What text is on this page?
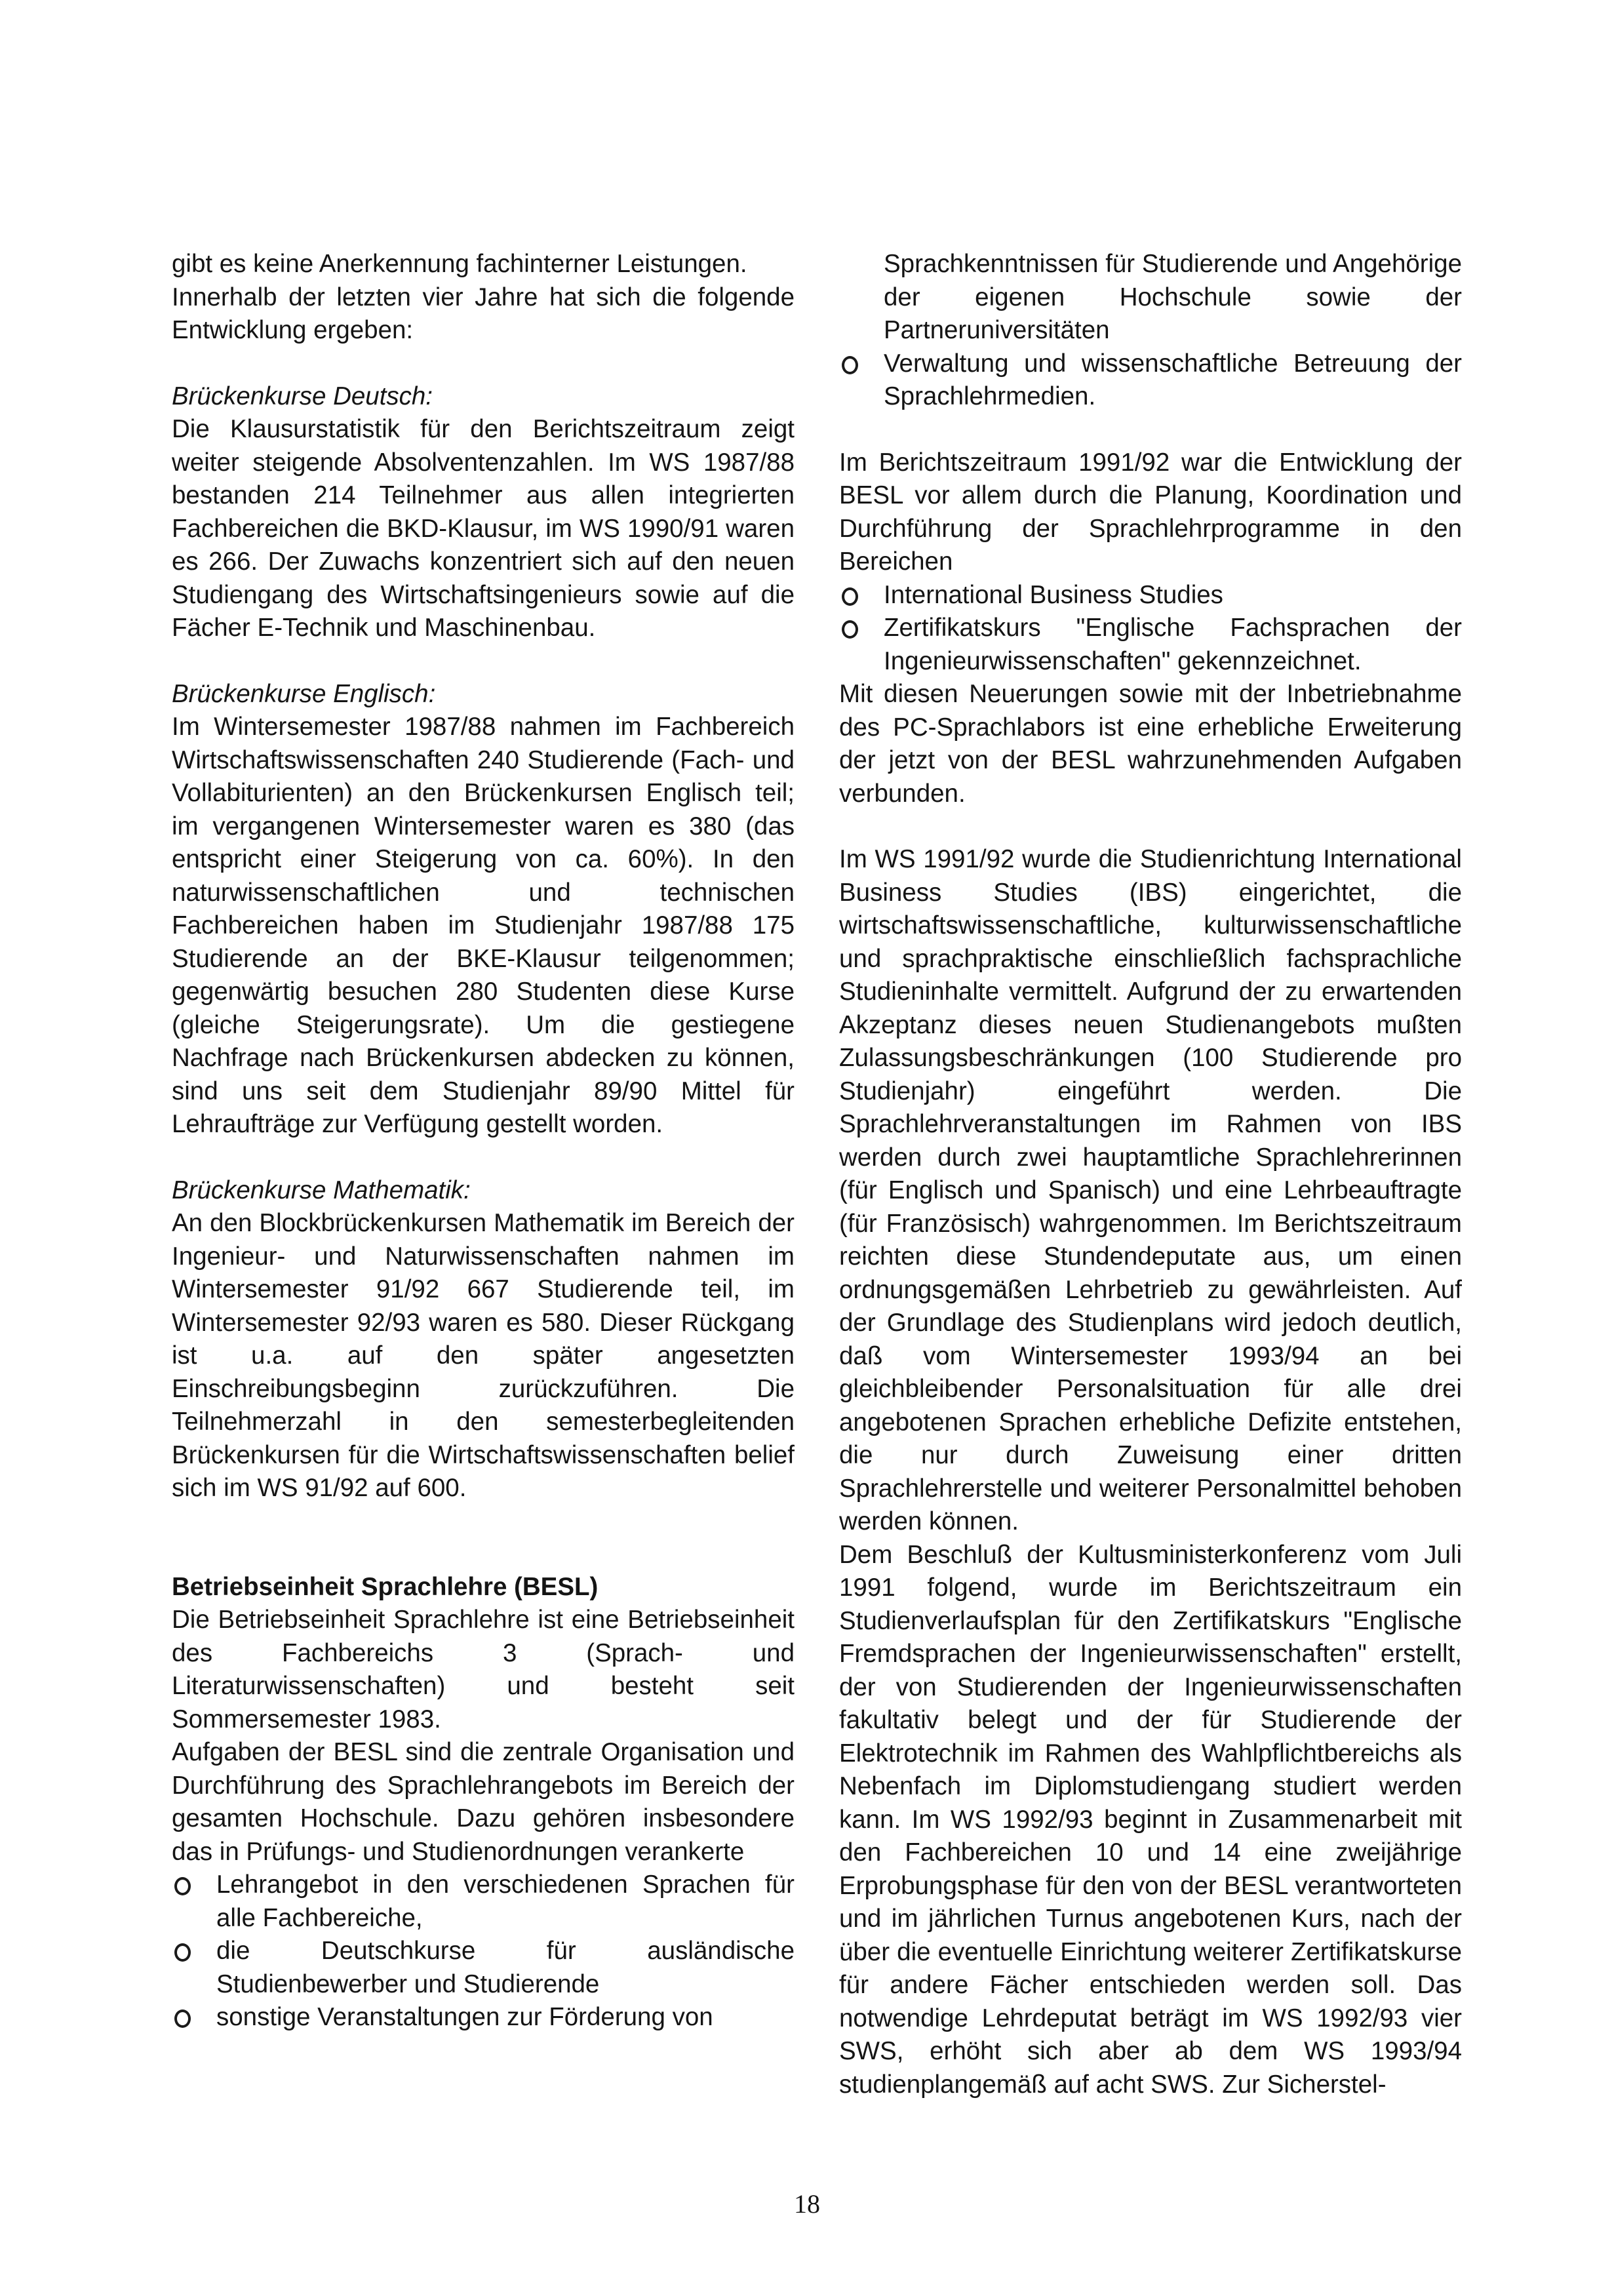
gibt es keine Anerkennung fachinterner Leistungen.

Innerhalb der letzten vier Jahre hat sich die folgende Entwicklung ergeben:

Brückenkurse Deutsch:

Die Klausurstatistik für den Berichtszeitraum zeigt weiter steigende Absolventenzahlen. Im WS 1987/88 bestanden 214 Teilnehmer aus allen integrierten Fachbereichen die BKD-Klausur, im WS 1990/91 waren es 266. Der Zuwachs konzentriert sich auf den neuen Studiengang des Wirtschaftsingenieurs sowie auf die Fächer E-Technik und Maschinenbau.

Brückenkurse Englisch:

Im Wintersemester 1987/88 nahmen im Fachbereich Wirtschaftswissenschaften 240 Studierende (Fach- und Vollabiturienten) an den Brückenkursen Englisch teil; im vergangenen Wintersemester waren es 380 (das entspricht einer Steigerung von ca. 60%). In den naturwissenschaftlichen und technischen Fachbereichen haben im Studienjahr 1987/88 175 Studierende an der BKE-Klausur teilgenommen; gegenwärtig besuchen 280 Studenten diese Kurse (gleiche Steigerungsrate). Um die gestiegene Nachfrage nach Brückenkursen abdecken zu können, sind uns seit dem Studienjahr 89/90 Mittel für Lehraufträge zur Verfügung gestellt worden.

Brückenkurse Mathematik:

An den Blockbrückenkursen Mathematik im Bereich der Ingenieur- und Naturwissenschaften nahmen im Wintersemester 91/92 667 Studierende teil, im Wintersemester 92/93 waren es 580. Dieser Rückgang ist u.a. auf den später angesetzten Einschreibungsbeginn zurückzuführen. Die Teilnehmerzahl in den semesterbegleitenden Brückenkursen für die Wirtschaftswissenschaften belief sich im WS 91/92 auf 600.

Betriebseinheit Sprachlehre (BESL)

Die Betriebseinheit Sprachlehre ist eine Betriebseinheit des Fachbereichs 3 (Sprach- und Literaturwissenschaften) und besteht seit Sommersemester 1983.

Aufgaben der BESL sind die zentrale Organisation und Durchführung des Sprachlehrangebots im Bereich der gesamten Hochschule. Dazu gehören insbesondere das in Prüfungs- und Studienordnungen verankerte

Lehrangebot in den verschiedenen Sprachen für alle Fachbereiche,
die Deutschkurse für ausländische Studienbewerber und Studierende
sonstige Veranstaltungen zur Förderung von

Sprachkenntnissen für Studierende und Angehörige der eigenen Hochschule sowie der Partneruniversitäten

Verwaltung und wissenschaftliche Betreuung der Sprachlehrmedien.

Im Berichtszeitraum 1991/92 war die Entwicklung der BESL vor allem durch die Planung, Koordination und Durchführung der Sprachlehrprogramme in den Bereichen

International Business Studies
Zertifikatskurs "Englische Fachsprachen der Ingenieurwissenschaften" gekennzeichnet.

Mit diesen Neuerungen sowie mit der Inbetriebnahme des PC-Sprachlabors ist eine erhebliche Erweiterung der jetzt von der BESL wahrzunehmenden Aufgaben verbunden.

Im WS 1991/92 wurde die Studienrichtung International Business Studies (IBS) eingerichtet, die wirtschaftswissenschaftliche, kulturwissenschaftliche und sprachpraktische einschließlich fachsprachliche Studieninhalte vermittelt. Aufgrund der zu erwartenden Akzeptanz dieses neuen Studienangebots mußten Zulassungsbeschränkungen (100 Studierende pro Studienjahr) eingeführt werden. Die Sprachlehrveranstaltungen im Rahmen von IBS werden durch zwei hauptamtliche Sprachlehrerinnen (für Englisch und Spanisch) und eine Lehrbeauftragte (für Französisch) wahrgenommen. Im Berichtszeitraum reichten diese Stundendeputate aus, um einen ordnungsgemäßen Lehrbetrieb zu gewährleisten. Auf der Grundlage des Studienplans wird jedoch deutlich, daß vom Wintersemester 1993/94 an bei gleichbleibender Personalsituation für alle drei angebotenen Sprachen erhebliche Defizite entstehen, die nur durch Zuweisung einer dritten Sprachlehrerstelle und weiterer Personalmittel behoben werden können.

Dem Beschluß der Kultusministerkonferenz vom Juli 1991 folgend, wurde im Berichtszeitraum ein Studienverlaufsplan für den Zertifikatskurs "Englische Fremdsprachen der Ingenieurwissenschaften" erstellt, der von Studierenden der Ingenieurwissenschaften fakultativ belegt und der für Studierende der Elektrotechnik im Rahmen des Wahlpflichtbereichs als Nebenfach im Diplomstudiengang studiert werden kann. Im WS 1992/93 beginnt in Zusammenarbeit mit den Fachbereichen 10 und 14 eine zweijährige Erprobungsphase für den von der BESL verantworteten und im jährlichen Turnus angebotenen Kurs, nach der über die eventuelle Einrichtung weiterer Zertifikatskurse für andere Fächer entschieden werden soll. Das notwendige Lehrdeputat beträgt im WS 1992/93 vier SWS, erhöht sich aber ab dem WS 1993/94 studienplangemäß auf acht SWS. Zur Sicherstel-

18
